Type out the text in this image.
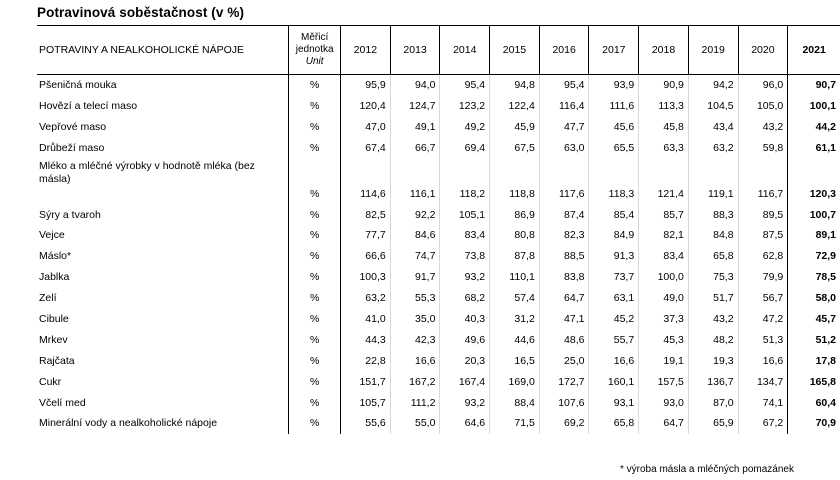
Potravinová soběstačnost (v %)
POTRAVINY A NEALKOHOLICKÉ NÁPOJE	Měřicí
jednotka
Unit	2012	2013	2014	2015	2016	2017	2018	2019	2020	2021
Pšeničná mouka	%	95,9	94,0	95,4	94,8	95,4	93,9	90,9	94,2	96,0	90,7
Hovězí a telecí maso	%	120,4	124,7	123,2	122,4	116,4	111,6	113,3	104,5	105,0	100,1
Vepřové maso	%	47,0	49,1	49,2	45,9	47,7	45,6	45,8	43,4	43,2	44,2
Drůbeží maso	%	67,4	66,7	69,4	67,5	63,0	65,5	63,3	63,2	59,8	61,1
Mléko a mléčné výrobky v hodnotě mléka (bez másla)	%	114,6	116,1	118,2	118,8	117,6	118,3	121,4	119,1	116,7	120,3
Sýry a tvaroh	%	82,5	92,2	105,1	86,9	87,4	85,4	85,7	88,3	89,5	100,7
Vejce	%	77,7	84,6	83,4	80,8	82,3	84,9	82,1	84,8	87,5	89,1
Máslo*	%	66,6	74,7	73,8	87,8	88,5	91,3	83,4	65,8	62,8	72,9
Jablka	%	100,3	91,7	93,2	110,1	83,8	73,7	100,0	75,3	79,9	78,5
Zelí	%	63,2	55,3	68,2	57,4	64,7	63,1	49,0	51,7	56,7	58,0
Cibule	%	41,0	35,0	40,3	31,2	47,1	45,2	37,3	43,2	47,2	45,7
Mrkev	%	44,3	42,3	49,6	44,6	48,6	55,7	45,3	48,2	51,3	51,2
Rajčata	%	22,8	16,6	20,3	16,5	25,0	16,6	19,1	19,3	16,6	17,8
Cukr	%	151,7	167,2	167,4	169,0	172,7	160,1	157,5	136,7	134,7	165,8
Včelí med	%	105,7	111,2	93,2	88,4	107,6	93,1	93,0	87,0	74,1	60,4
Minerální vody a nealkoholické nápoje	%	55,6	55,0	64,6	71,5	69,2	65,8	64,7	65,9	67,2	70,9
* výroba másla a mléčných pomazánek
